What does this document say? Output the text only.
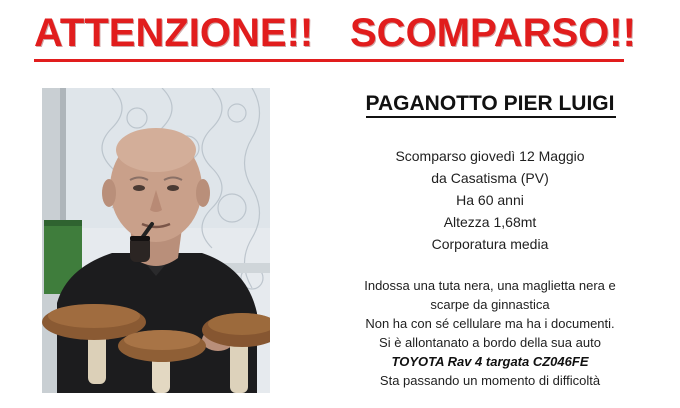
ATTENZIONE!! SCOMPARSO!!
PAGANOTTO PIER LUIGI
Scomparso giovedì 12 Maggio
da Casatisma (PV)
Ha 60 anni
Altezza 1,68mt
Corporatura media
Indossa una tuta nera, una maglietta nera e
scarpe da ginnastica
Non ha con sé cellulare ma ha i documenti.
Si è allontanato a bordo della sua auto
TOYOTA Rav 4 targata CZ046FE
Sta passando un momento di difficoltà
